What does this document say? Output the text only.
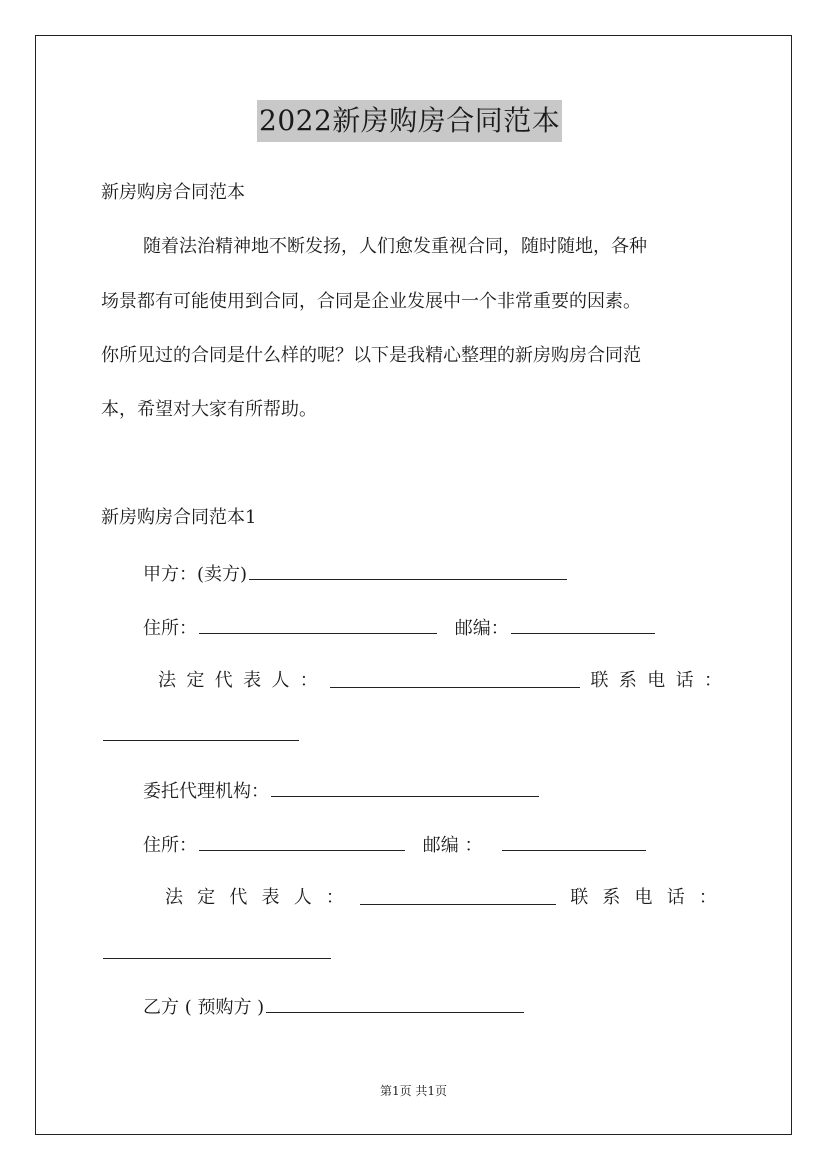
2022新房购房合同范本
新房购房合同范本
随着法治精神地不断发扬，人们愈发重视合同，随时随地，各种
场景都有可能使用到合同，合同是企业发展中一个非常重要的因素。
你所见过的合同是什么样的呢？以下是我精心整理的新房购房合同范
本，希望对大家有所帮助。
新房购房合同范本1
甲方：(卖方)
住所：	邮编：
法 定 代 表 人 ：	联 系 电 话 ：
委托代理机构：
住所：	邮编 ：
法 定 代 表 人 ：	联 系 电 话 ：
乙方 ( 预购方 )
第1页 共1页
